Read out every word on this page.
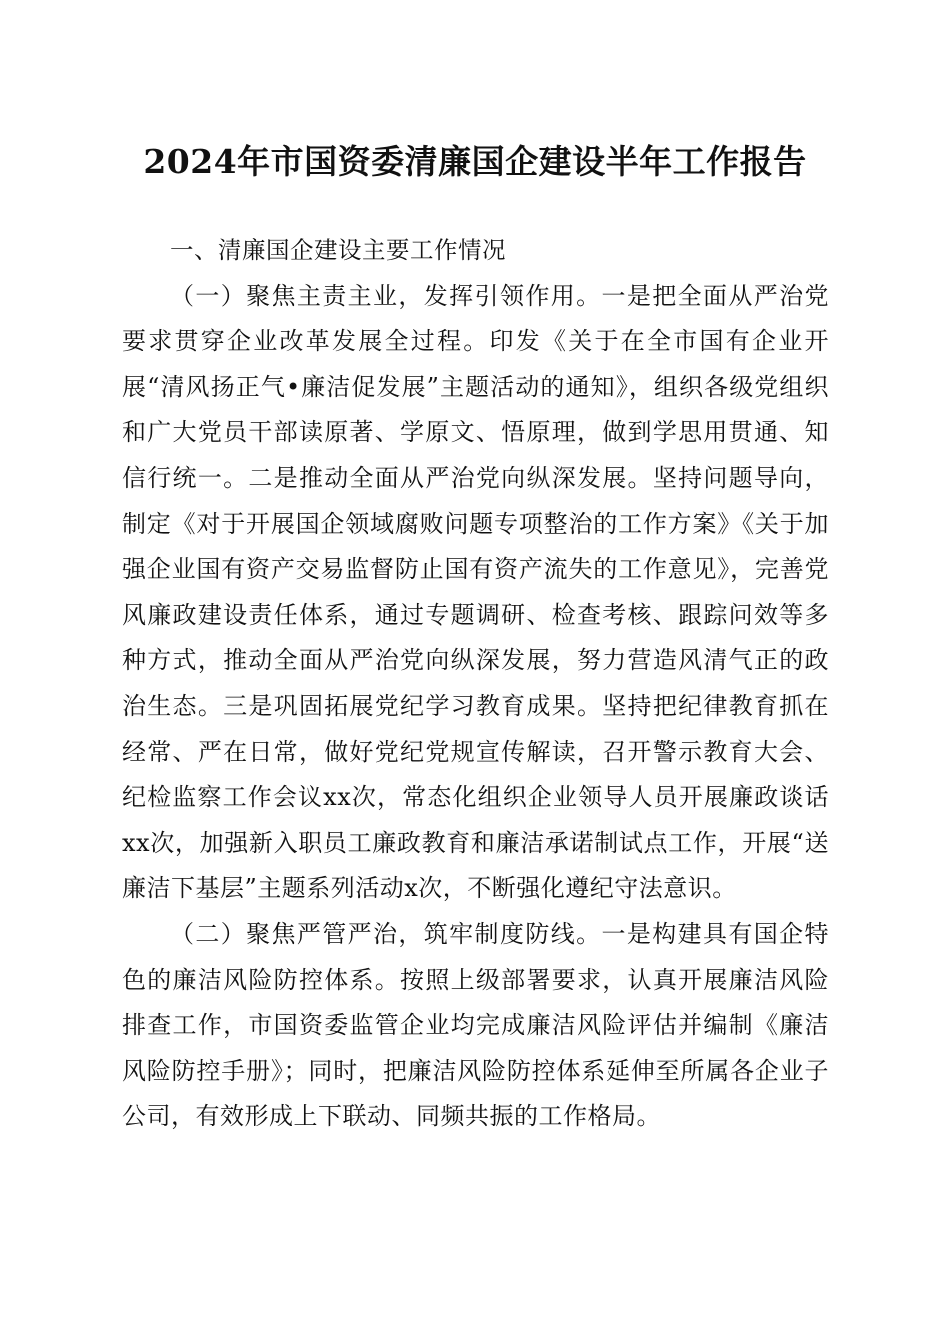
2024年市国资委清廉国企建设半年工作报告
一、清廉国企建设主要工作情况

（一）聚焦主责主业，发挥引领作用。一是把全面从严治党要求贯穿企业改革发展全过程。印发《关于在全市国有企业开展“清风扬正气•廉洁促发展”主题活动的通知》，组织各级党组织和广大党员干部读原著、学原文、悟原理，做到学思用贯通、知信行统一。二是推动全面从严治党向纵深发展。坚持问题导向，制定《对于开展国企领域腐败问题专项整治的工作方案》《关于加强企业国有资产交易监督防止国有资产流失的工作意见》，完善党风廉政建设责任体系，通过专题调研、检查考核、跟踪问效等多种方式，推动全面从严治党向纵深发展，努力营造风清气正的政治生态。三是巩固拓展党纪学习教育成果。坚持把纪律教育抓在经常、严在日常，做好党纪党规宣传解读，召开警示教育大会、纪检监察工作会议xx次，常态化组织企业领导人员开展廉政谈话xx次，加强新入职员工廉政教育和廉洁承诺制试点工作，开展“送廉洁下基层”主题系列活动x次，不断强化遵纪守法意识。

（二）聚焦严管严治，筑牢制度防线。一是构建具有国企特色的廉洁风险防控体系。按照上级部署要求，认真开展廉洁风险排查工作，市国资委监管企业均完成廉洁风险评估并编制《廉洁风险防控手册》；同时，把廉洁风险防控体系延伸至所属各企业子公司，有效形成上下联动、同频共振的工作格局。
